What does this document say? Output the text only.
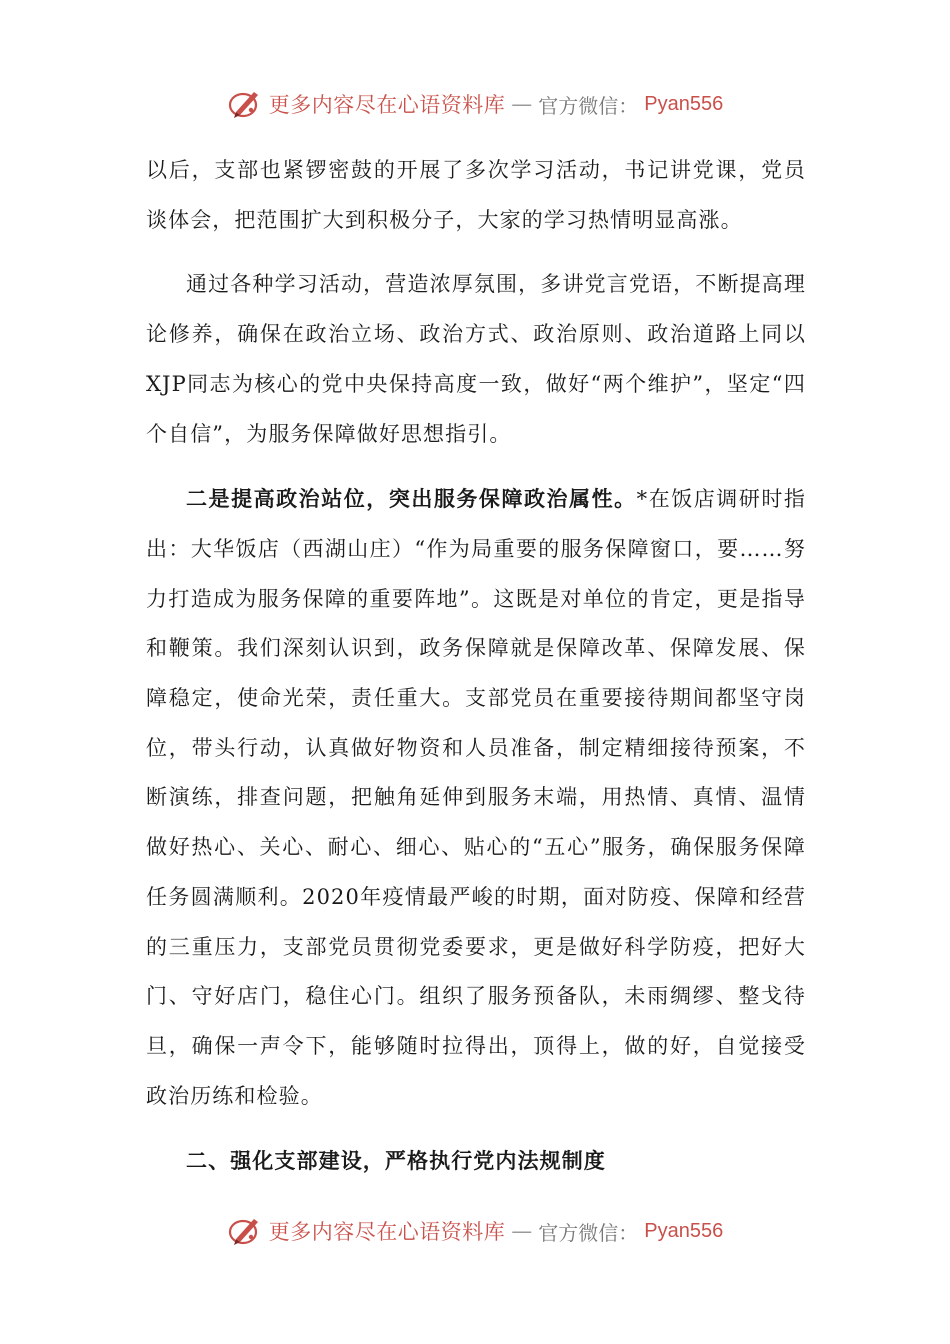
更多内容尽在心语资料库 — 官方微信： Pyan556

以后，支部也紧锣密鼓的开展了多次学习活动，书记讲党课，党员谈体会，把范围扩大到积极分子，大家的学习热情明显高涨。

通过各种学习活动，营造浓厚氛围，多讲党言党语，不断提高理论修养，确保在政治立场、政治方式、政治原则、政治道路上同以XJP同志为核心的党中央保持高度一致，做好“两个维护”，坚定“四个自信”，为服务保障做好思想指引。

二是提高政治站位，突出服务保障政治属性。*在饭店调研时指出：大华饭店（西湖山庄）“作为局重要的服务保障窗口，要……努力打造成为服务保障的重要阵地”。这既是对单位的肯定，更是指导和鞭策。我们深刻认识到，政务保障就是保障改革、保障发展、保障稳定，使命光荣，责任重大。支部党员在重要接待期间都坚守岗位，带头行动，认真做好物资和人员准备，制定精细接待预案，不断演练，排查问题，把触角延伸到服务末端，用热情、真情、温情做好热心、关心、耐心、细心、贴心的“五心”服务，确保服务保障任务圆满顺利。2020年疫情最严峻的时期，面对防疫、保障和经营的三重压力，支部党员贯彻党委要求，更是做好科学防疫，把好大门、守好店门，稳住心门。组织了服务预备队，未雨绸缪、整戈待旦，确保一声令下，能够随时拉得出，顶得上，做的好，自觉接受政治历练和检验。

二、强化支部建设，严格执行党内法规制度

更多内容尽在心语资料库 — 官方微信： Pyan556
